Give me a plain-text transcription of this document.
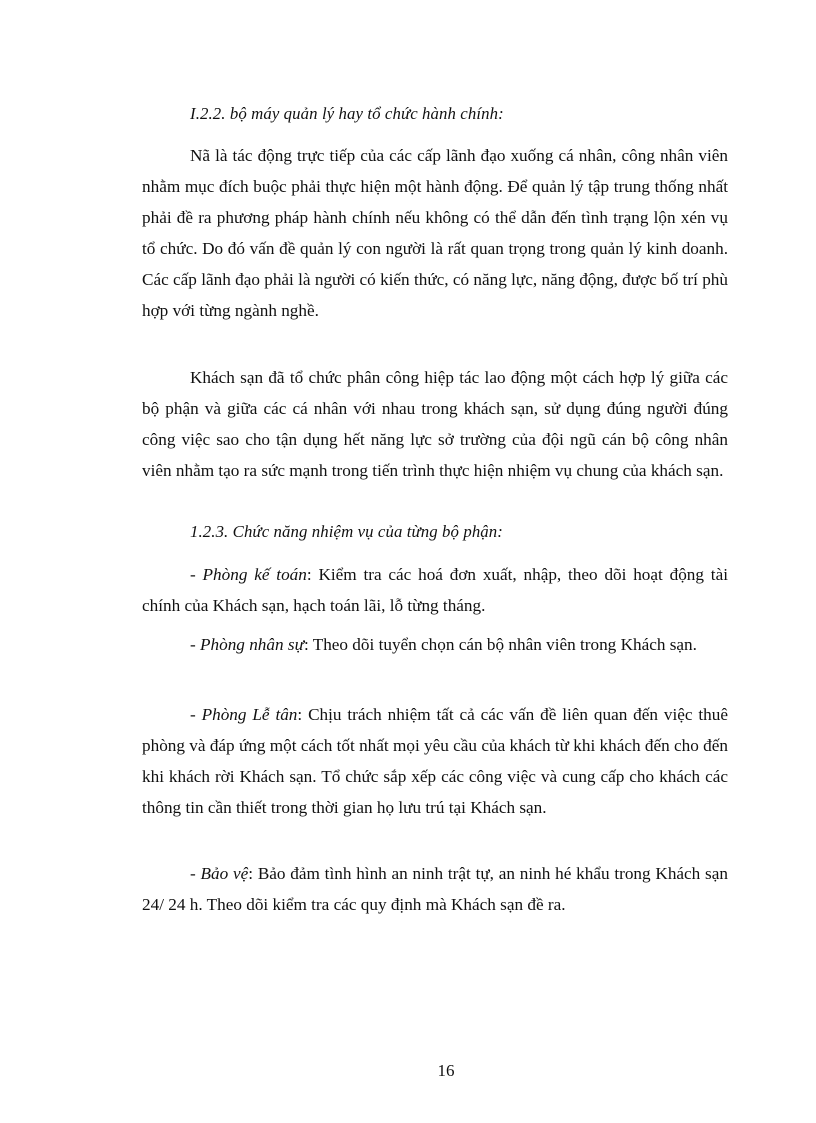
I.2.2. bộ máy quản lý hay tổ chức hành chính:

Nã là tác động trực tiếp của các cấp lãnh đạo xuống cá nhân, công nhân viên nhằm mục đích buộc phải thực hiện một hành động. Để quản lý tập trung thống nhất phải đề ra phương pháp hành chính nếu không có thể dẫn đến tình trạng lộn xén vụ tổ chức. Do đó vấn đề quản lý con người là rất quan trọng trong quản lý kinh doanh. Các cấp lãnh đạo phải là người có kiến thức, có năng lực, năng động, được bố trí phù hợp với từng ngành nghề.

Khách sạn đã tổ chức phân công hiệp tác lao động một cách hợp lý giữa các bộ phận và giữa các cá nhân với nhau trong khách sạn, sử dụng đúng người đúng công việc sao cho tận dụng hết năng lực sở trường của đội ngũ cán bộ công nhân viên nhằm tạo ra sức mạnh trong tiến trình thực hiện nhiệm vụ chung của khách sạn.

1.2.3. Chức năng nhiệm vụ của từng bộ phận:

- Phòng kế toán: Kiểm tra các hoá đơn xuất, nhập, theo dõi hoạt động tài chính của Khách sạn, hạch toán lãi, lỗ từng tháng.

- Phòng nhân sự: Theo dõi tuyển chọn cán bộ nhân viên trong Khách sạn.

- Phòng Lễ tân: Chịu trách nhiệm tất cả các vấn đề liên quan đến việc thuê phòng và đáp ứng một cách tốt nhất mọi yêu cầu của khách từ khi khách đến cho đến khi khách rời Khách sạn. Tổ chức sắp xếp các công việc và cung cấp cho khách các thông tin cần thiết trong thời gian họ lưu trú tại Khách sạn.

- Bảo vệ: Bảo đảm tình hình an ninh trật tự, an ninh hé khẩu trong Khách sạn 24/ 24 h. Theo dõi kiểm tra các quy định mà Khách sạn đề ra.

16
